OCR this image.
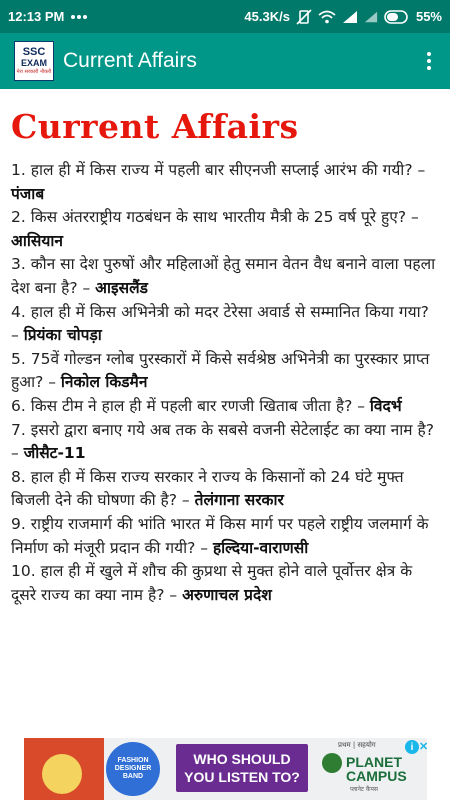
12:13 PM	45.3K/s	55%
SSC
EXAM
मेरा सरकारी नौकरी Current Affairs
Current Affairs

1. हाल ही में किस राज्य में पहली बार सीएनजी सप्लाई आरंभ की गयी? – पंजाब

2. किस अंतरराष्ट्रीय गठबंधन के साथ भारतीय मैत्री के 25 वर्ष पूरे हुए? – आसियान

3. कौन सा देश पुरुषों और महिलाओं हेतु समान वेतन वैध बनाने वाला पहला देश बना है? – आइसलैंड

4. हाल ही में किस अभिनेत्री को मदर टेरेसा अवार्ड से सम्मानित किया गया? – प्रियंका चोपड़ा

5. 75वें गोल्डन ग्लोब पुरस्कारों में किसे सर्वश्रेष्ठ अभिनेत्री का पुरस्कार प्राप्त हुआ? – निकोल किडमैन

6. किस टीम ने हाल ही में पहली बार रणजी खिताब जीता है? – विदर्भ

7. इसरो द्वारा बनाए गये अब तक के सबसे वजनी सेटेलाईट का क्या नाम है? – जीसैट-11

8. हाल ही में किस राज्य सरकार ने राज्य के किसानों को 24 घंटे मुफ्त बिजली देने की घोषणा की है? – तेलंगाना सरकार

9. राष्ट्रीय राजमार्ग की भांति भारत में किस मार्ग पर पहले राष्ट्रीय जलमार्ग के निर्माण को मंजूरी प्रदान की गयी? – हल्दिया-वाराणसी

10. हाल ही में खुले में शौच की कुप्रथा से मुक्त होने वाले पूर्वोत्तर क्षेत्र के दूसरे राज्य का क्या नाम है? – अरुणाचल प्रदेश

FASHION DESIGNER BAND
WHO SHOULD
YOU LISTEN TO?
प्रथम | सहयोग
PLANET
CAMPUS
प्लानेट कैंपस
i ✕
